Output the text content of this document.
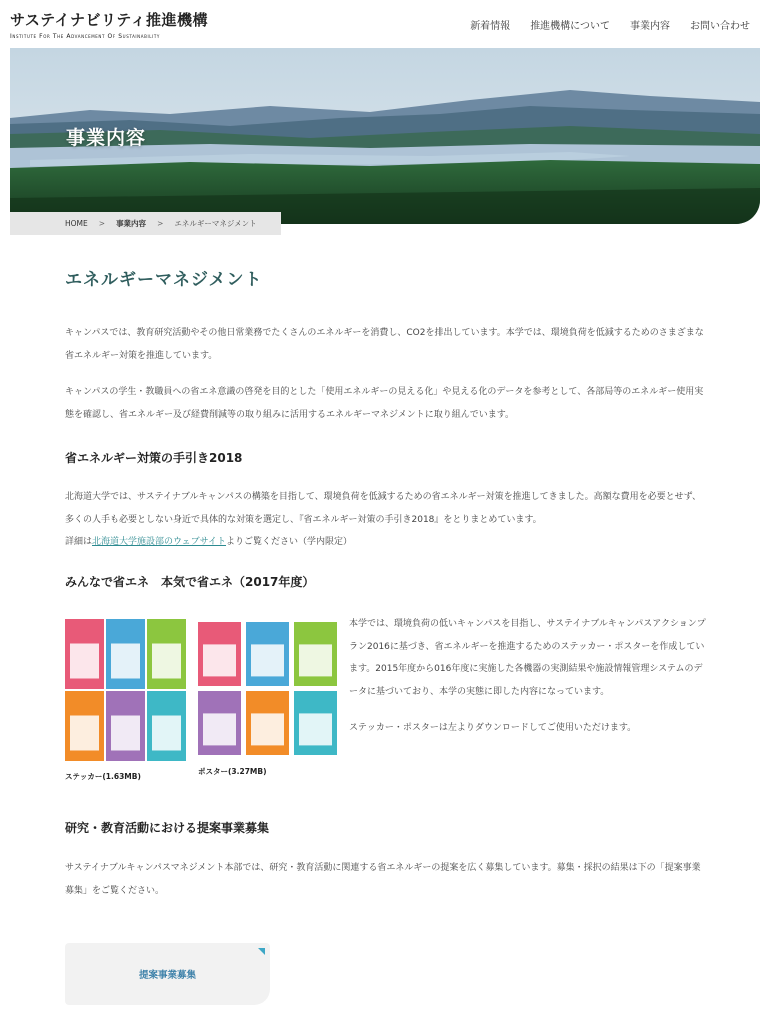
サステイナビリティ推進機構
Institute For The Advancement Of Sustainability
新着情報 推進機構について 事業内容 お問い合わせ
事業内容
HOME > 事業内容 > エネルギーマネジメント
エネルギーマネジメント

キャンパスでは、教育研究活動やその他日常業務でたくさんのエネルギーを消費し、CO2を排出しています。本学では、環境負荷を低減するためのさまざまな省エネルギー対策を推進しています。

キャンパスの学生・教職員への省エネ意識の啓発を目的とした「使用エネルギーの見える化」や見える化のデータを参考として、各部局等のエネルギー使用実態を確認し、省エネルギー及び経費削減等の取り組みに活用するエネルギーマネジメントに取り組んでいます。

省エネルギー対策の手引き2018

北海道大学では、サステイナブルキャンパスの構築を目指して、環境負荷を低減するための省エネルギー対策を推進してきました。高額な費用を必要とせず、多くの人手も必要としない身近で具体的な対策を選定し、『省エネルギー対策の手引き2018』をとりまとめています。
詳細は北海道大学施設部のウェブサイトよりご覧ください（学内限定）

みんなで省エネ　本気で省エネ（2017年度）
ステッカー(1.63MB)
ポスター(3.27MB)

本学では、環境負荷の低いキャンパスを目指し、サステイナブルキャンパスアクションプラン2016に基づき、省エネルギーを推進するためのステッカー・ポスターを作成しています。2015年度から016年度に実施した各機器の実測結果や施設情報管理システムのデータに基づいており、本学の実態に即した内容になっています。

ステッカー・ポスターは左よりダウンロードしてご使用いただけます。

研究・教育活動における提案事業募集

サステイナブルキャンパスマネジメント本部では、研究・教育活動に関連する省エネルギーの提案を広く募集しています。募集・採択の結果は下の「提案事業募集」をご覧ください。

提案事業募集
